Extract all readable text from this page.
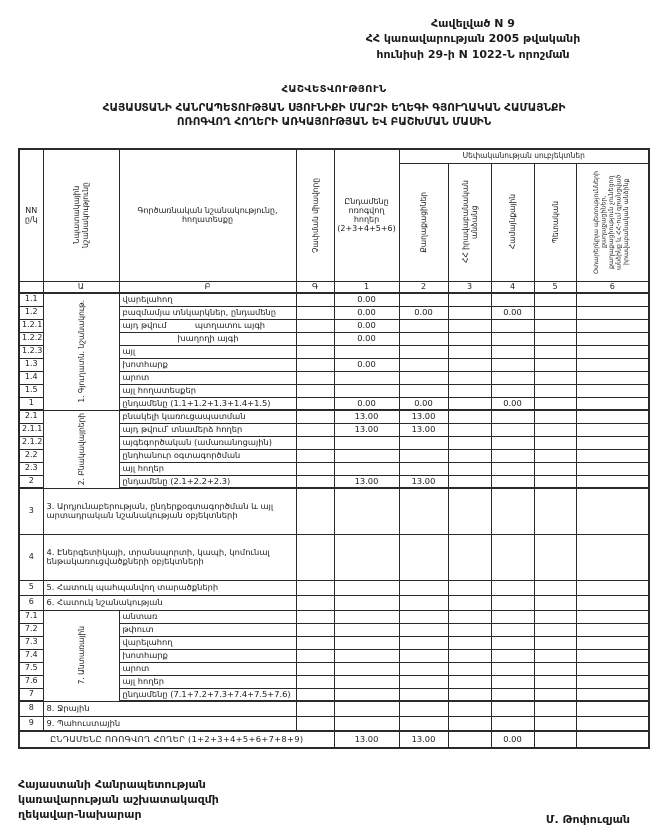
Հավելված N 9
ՀՀ կառավարության 2005 թվականի
հունիսի 29-ի N 1022-Ն որոշման
ՀԱՇՎԵՏՎՈՒԹՅՈՒՆ
ՀԱՅԱՍՏԱՆԻ ՀԱՆՐԱՊԵՏՈՒԹՅԱՆ ՍՅՈՒՆԻՔԻ ՄԱՐԶԻ ԵՂԵԳԻ ԳՅՈՒՂԱԿԱՆ ՀԱՄԱՅՆՔԻ
ՈՌՈԳՎՈՂ ՀՈՂԵՐԻ ԱՌԿԱՅՈՒԹՅԱՆ ԵՎ ԲԱՇԽՄԱՆ ՄԱՍԻՆ
NN ը/կ	Նպատակային նշանակությունը	Գործառնական նշանակությունը, հողատեսքը	Չափման միավորը	Ընդամենը ոռոգվող հողեր (2+3+4+5+6)	Սեփականության սուբյեկտներ				

					Քաղաքացիներ	ՀՀ իրավաբանական անձանց	Համայնքային	Պետական	Օտարերկրյա պետությունների քաղաքացիներ, քաղաքացիություն չունեցող անձինք և ՀՀ-ում գրանցված իրավաբանական անձինք

	Ա	Բ	Գ	1	2	3	4	5	6
1.1	1. Գյուղատն. նշանակութ.	վարելահող		0.00					
1.2		բազմամյա տնկարկներ, ընդամենը		0.00	0.00		0.00		
1.2.1		այդ թվում պտղատու այգի		0.00					
1.2.2		խաղողի այգի		0.00					
1.2.3		այլ							
1.3		խոտհարք		0.00					
1.4		արոտ							
1.5		այլ հողատեսքեր							
1		ընդամենը (1.1+1.2+1.3+1.4+1.5)		0.00	0.00		0.00		
2.1	2. Բնակավայրերի	բնակելի կառուցապատման		13.00	13.00				
2.1.1		այդ թվում՝ տնամերձ հողեր		13.00	13.00				
2.1.2		այգեգործական (ամառանոցային)							
2.2		ընդհանուր օգտագործման							
2.3		այլ հողեր							
2		ընդամենը (2.1+2.2+2.3)		13.00	13.00				
3	3. Արդյունաբերության, ընդերքօգտագործման և այլ արտադրական նշանակության օբյեկտների								
4	4. Էներգետիկայի, տրանսպորտի, կապի, կոմունալ ենթակառուցվածքների օբյեկտների								
5	5. Հատուկ պահպանվող տարածքների								
6	6. Հատուկ նշանակության								
7.1	7. Անտառային	անտառ							
7.2		թփուտ							
7.3		վարելահող							
7.4		խոտհարք							
7.5		արոտ							
7.6		այլ հողեր							
7		ընդամենը (7.1+7.2+7.3+7.4+7.5+7.6)							
8	8. Ջրային								
9	9. Պահուստային								
ԸՆԴԱՄԵՆԸ ՈՌՈԳՎՈՂ ՀՈՂԵՐ (1+2+3+4+5+6+7+8+9)				13.00	13.00		0.00		
Հայաստանի Հանրապետության
կառավարության աշխատակազմի
ղեկավար-նախարար	Մ. Թոփուզյան
